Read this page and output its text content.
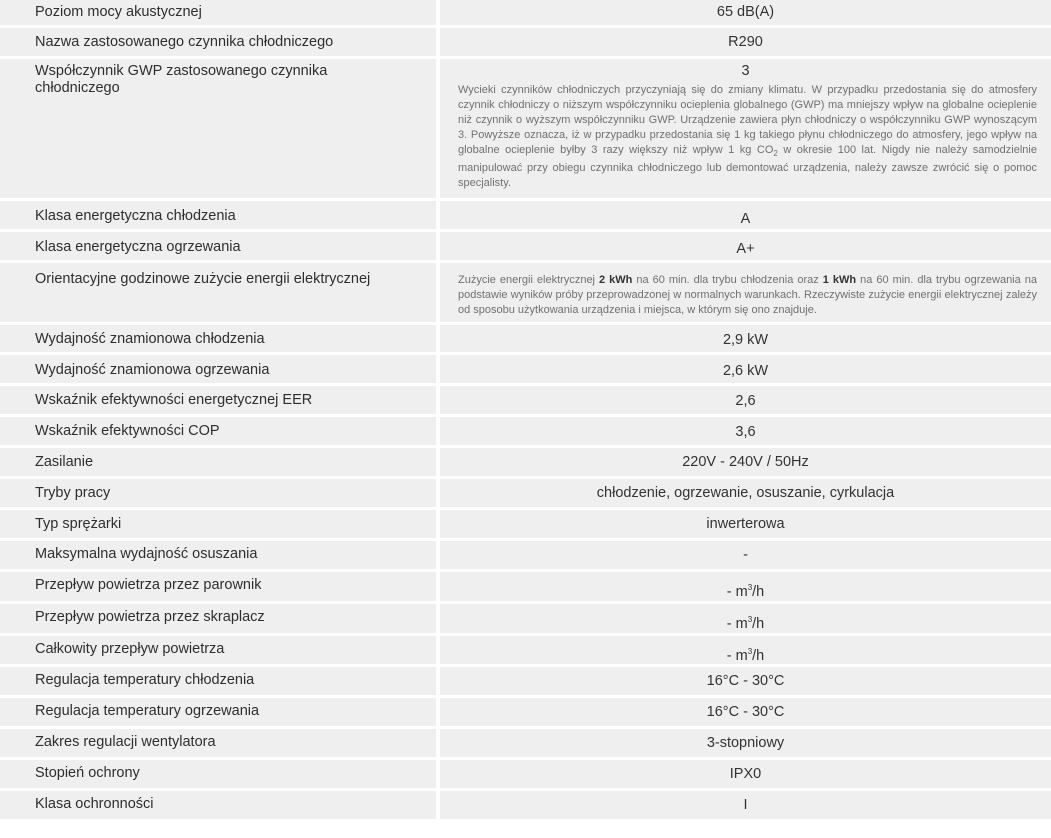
Poziom mocy akustycznej	65 dB(A)

Nazwa zastosowanego czynnika chłodniczego	R290

Współczynnik GWP zastosowanego czynnika chłodniczego	3
Wycieki czynników chłodniczych przyczyniają się do zmiany klimatu. W przypadku przedostania się do atmosfery czynnik chłodniczy o niższym współczynniku ocieplenia globalnego (GWP) ma mniejszy wpływ na globalne ocieplenie niż czynnik o wyższym współczynniku GWP. Urządzenie zawiera płyn chłodniczy o współczynniku GWP wynoszącym 3. Powyższe oznacza, iż w przypadku przedostania się 1 kg takiego płynu chłodniczego do atmosfery, jego wpływ na globalne ocieplenie byłby 3 razy większy niż wpływ 1 kg $CO_2$ w okresie 100 lat. Nigdy nie należy samodzielnie manipulować przy obiegu czynnika chłodniczego lub demontować urządzenia, należy zawsze zwrócić się o pomoc specjalisty.

Klasa energetyczna chłodzenia	A

Klasa energetyczna ogrzewania	A+

Orientacyjne godzinowe zużycie energii elektrycznej	Zużycie energii elektrycznej 2 kWh na 60 min. dla trybu chłodzenia oraz 1 kWh na 60 min. dla trybu ogrzewania na podstawie wyników próby przeprowadzonej w normalnych warunkach. Rzeczywiste zużycie energii elektrycznej zależy od sposobu użytkowania urządzenia i miejsca, w którym się ono znajduje.

Wydajność znamionowa chłodzenia	2,9 kW

Wydajność znamionowa ogrzewania	2,6 kW

Wskaźnik efektywności energetycznej EER	2,6

Wskaźnik efektywności COP	3,6

Zasilanie	220V - 240V / 50Hz

Tryby pracy	chłodzenie, ogrzewanie, osuszanie, cyrkulacja

Typ sprężarki	inwerterowa

Maksymalna wydajność osuszania	-

Przepływ powietrza przez parownik	- $m^3/h$

Przepływ powietrza przez skraplacz	- $m^3/h$

Całkowity przepływ powietrza	- $m^3/h$

Regulacja temperatury chłodzenia	16°C - 30°C

Regulacja temperatury ogrzewania	16°C - 30°C

Zakres regulacji wentylatora	3-stopniowy

Stopień ochrony	IPX0

Klasa ochronności	I
